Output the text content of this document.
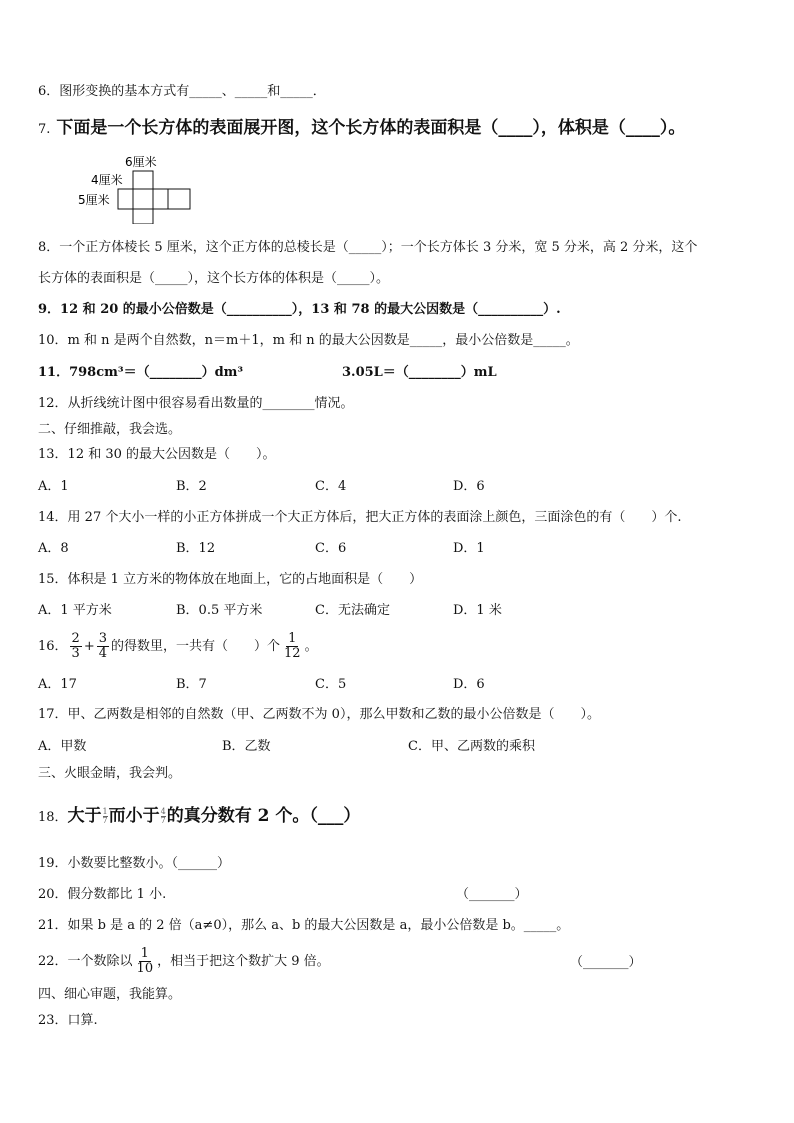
6．图形变换的基本方式有_____、_____和_____．
7. 下面是一个长方体的表面展开图，这个长方体的表面积是（____），体积是（____）。
6厘米
4厘米
5厘米
8．一个正方体棱长 5 厘米，这个正方体的总棱长是（_____）；一个长方体长 3 分米，宽 5 分米，高 2 分米，这个
长方体的表面积是（_____），这个长方体的体积是（_____）。
9．12 和 20 的最小公倍数是（__________），13 和 78 的最大公因数是（__________）.
10．m 和 n 是两个自然数，n＝m＋1，m 和 n 的最大公因数是_____，最小公倍数是_____。
11．798cm³＝（________）dm³	3.05L＝（________）mL
12．从折线统计图中很容易看出数量的________情况。
二、仔细推敲，我会选。
13．12 和 30 的最大公因数是（　　）。
A．1	B．2	C．4	D．6
14．用 27 个大小一样的小正方体拼成一个大正方体后，把大正方体的表面涂上颜色，三面涂色的有（　　）个.
A．8	B．12	C．6	D．1
15．体积是 1 立方米的物体放在地面上，它的占地面积是（　　）
A．1 平方米	B．0.5 平方米	C．无法确定	D．1 米
16． $\frac{2}{3} + \frac{3}{4}$ 的得数里，一共有（　　）个 $\frac{1}{12}$ 。
A．17	B．7	C．5	D．6
17．甲、乙两数是相邻的自然数（甲、乙两数不为 0），那么甲数和乙数的最小公倍数是（　　）。
A．甲数	B．乙数	C．甲、乙两数的乘积
三、火眼金睛，我会判。
18．大于 $\frac{1}{7}$ 而小于 $\frac{4}{7}$ 的真分数有 2 个。（___）
19．小数要比整数小。（______）
20．假分数都比 1 小.	（_______）
21．如果 b 是 a 的 2 倍（a≠0），那么 a、b 的最大公因数是 a，最小公倍数是 b。_____。
22．一个数除以 $\frac{1}{10}$ ，相当于把这个数扩大 9 倍。	（_______）
四、细心审题，我能算。
23．口算.
